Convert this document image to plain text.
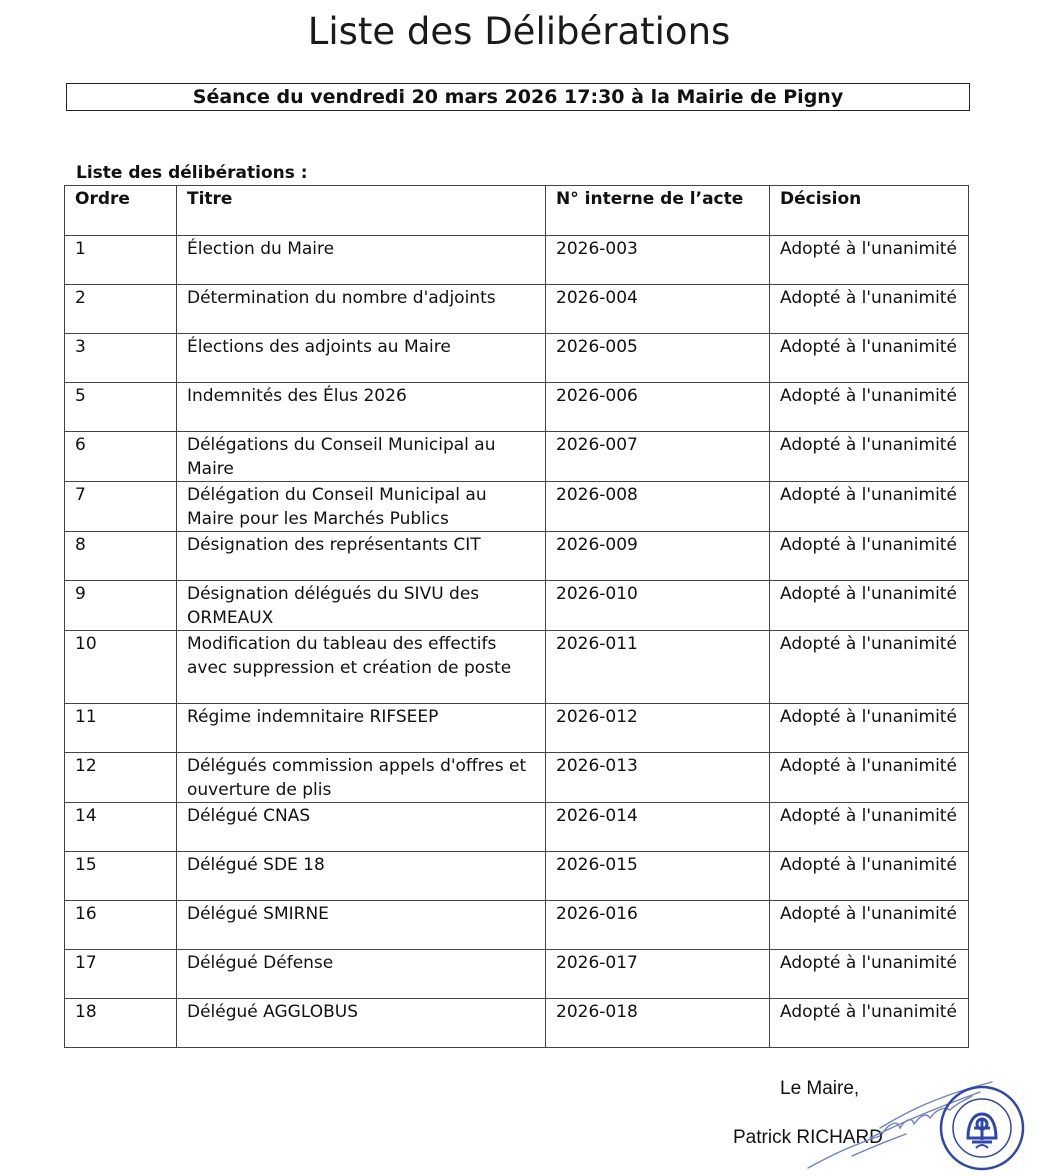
Liste des Délibérations
Séance du vendredi 20 mars 2026 17:30 à la Mairie de Pigny
Liste des délibérations :
Ordre	Titre	N° interne de l’acte	Décision
1	Élection du Maire	2026-003	Adopté à l'unanimité
2	Détermination du nombre d'adjoints	2026-004	Adopté à l'unanimité
3	Élections des adjoints au Maire	2026-005	Adopté à l'unanimité
5	Indemnités des Élus 2026	2026-006	Adopté à l'unanimité
6	Délégations du Conseil Municipal au Maire	2026-007	Adopté à l'unanimité
7	Délégation du Conseil Municipal au Maire pour les Marchés Publics	2026-008	Adopté à l'unanimité
8	Désignation des représentants CIT	2026-009	Adopté à l'unanimité
9	Désignation délégués du SIVU des ORMEAUX	2026-010	Adopté à l'unanimité
10	Modification du tableau des effectifs avec suppression et création de poste	2026-011	Adopté à l'unanimité
11	Régime indemnitaire RIFSEEP	2026-012	Adopté à l'unanimité
12	Délégués commission appels d'offres et ouverture de plis	2026-013	Adopté à l'unanimité
14	Délégué CNAS	2026-014	Adopté à l'unanimité
15	Délégué SDE 18	2026-015	Adopté à l'unanimité
16	Délégué SMIRNE	2026-016	Adopté à l'unanimité
17	Délégué Défense	2026-017	Adopté à l'unanimité
18	Délégué AGGLOBUS	2026-018	Adopté à l'unanimité
Le Maire,
Patrick RICHARD
